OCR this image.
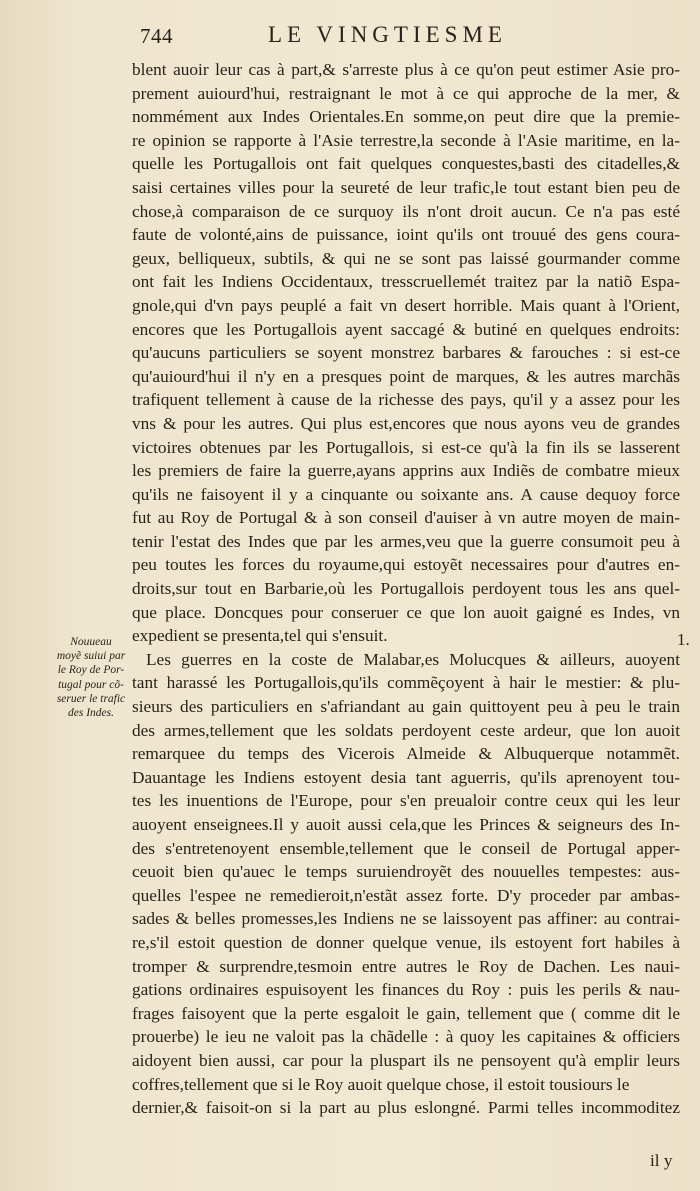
744	LE VINGTIESME
blent auoir leur cas à part,& s'arreste plus à ce qu'on peut estimer Asie pro-
prement auiourd'hui, restraignant le mot à ce qui approche de la mer, &
nommément aux Indes Orientales.En somme,on peut dire que la premie-
re opinion se rapporte à l'Asie terrestre,la seconde à l'Asie maritime, en la-
quelle les Portugallois ont fait quelques conquestes,basti des citadelles,&
saisi certaines villes pour la seureté de leur trafic,le tout estant bien peu de
chose,à comparaison de ce surquoy ils n'ont droit aucun. Ce n'a pas esté
faute de volonté,ains de puissance, ioint qu'ils ont trouué des gens coura-
geux, belliqueux, subtils, & qui ne se sont pas laissé gourmander comme
ont fait les Indiens Occidentaux, tresscruellemét traitez par la natiõ Espa-
gnole,qui d'vn pays peuplé a fait vn desert horrible. Mais quant à l'Orient,
encores que les Portugallois ayent saccagé & butiné en quelques endroits:
qu'aucuns particuliers se soyent monstrez barbares & farouches : si est-ce
qu'auiourd'hui il n'y en a presques point de marques, & les autres marchãs
trafiquent tellement à cause de la richesse des pays, qu'il y a assez pour les
vns & pour les autres. Qui plus est,encores que nous ayons veu de grandes
victoires obtenues par les Portugallois, si est-ce qu'à la fin ils se lasserent
les premiers de faire la guerre,ayans apprins aux Indiẽs de combatre mieux
qu'ils ne faisoyent il y a cinquante ou soixante ans. A cause dequoy force
fut au Roy de Portugal & à son conseil d'auiser à vn autre moyen de main-
tenir l'estat des Indes que par les armes,veu que la guerre consumoit peu à
peu toutes les forces du royaume,qui estoyẽt necessaires pour d'autres en-
droits,sur tout en Barbarie,où les Portugallois perdoyent tous les ans quel-
que place. Doncques pour conseruer ce que lon auoit gaigné es Indes, vn
expedient se presenta,tel qui s'ensuit.
Les guerres en la coste de Malabar,es Molucques & ailleurs, auoyent
tant harassé les Portugallois,qu'ils commẽçoyent à hair le mestier: & plu-
sieurs des particuliers en s'afriandant au gain quittoyent peu à peu le train
des armes,tellement que les soldats perdoyent ceste ardeur, que lon auoit
remarquee du temps des Vicerois Almeide & Albuquerque notammẽt.
Dauantage les Indiens estoyent desia tant aguerris, qu'ils aprenoyent tou-
tes les inuentions de l'Europe, pour s'en preualoir contre ceux qui les leur
auoyent enseignees.Il y auoit aussi cela,que les Princes & seigneurs des In-
des s'entretenoyent ensemble,tellement que le conseil de Portugal apper-
ceuoit bien qu'auec le temps suruiendroyẽt des nouuelles tempestes: aus-
quelles l'espee ne remedieroit,n'estãt assez forte. D'y proceder par ambas-
sades & belles promesses,les Indiens ne se laissoyent pas affiner: au contrai-
re,s'il estoit question de donner quelque venue, ils estoyent fort habiles à
tromper & surprendre,tesmoin entre autres le Roy de Dachen. Les naui-
gations ordinaires espuisoyent les finances du Roy : puis les perils & nau-
frages faisoyent que la perte esgaloit le gain, tellement que ( comme dit le
prouerbe) le ieu ne valoit pas la chãdelle : à quoy les capitaines & officiers
aidoyent bien aussi, car pour la pluspart ils ne pensoyent qu'à emplir leurs
coffres,tellement que si le Roy auoit quelque chose, il estoit tousiours le
dernier,& faisoit-on si la part au plus eslongné. Parmi telles incommoditez
Nouueau
moyẽ suiui par
le Roy de Por-
tugal pour cõ-
seruer le trafic
des Indes.
1.
il y
